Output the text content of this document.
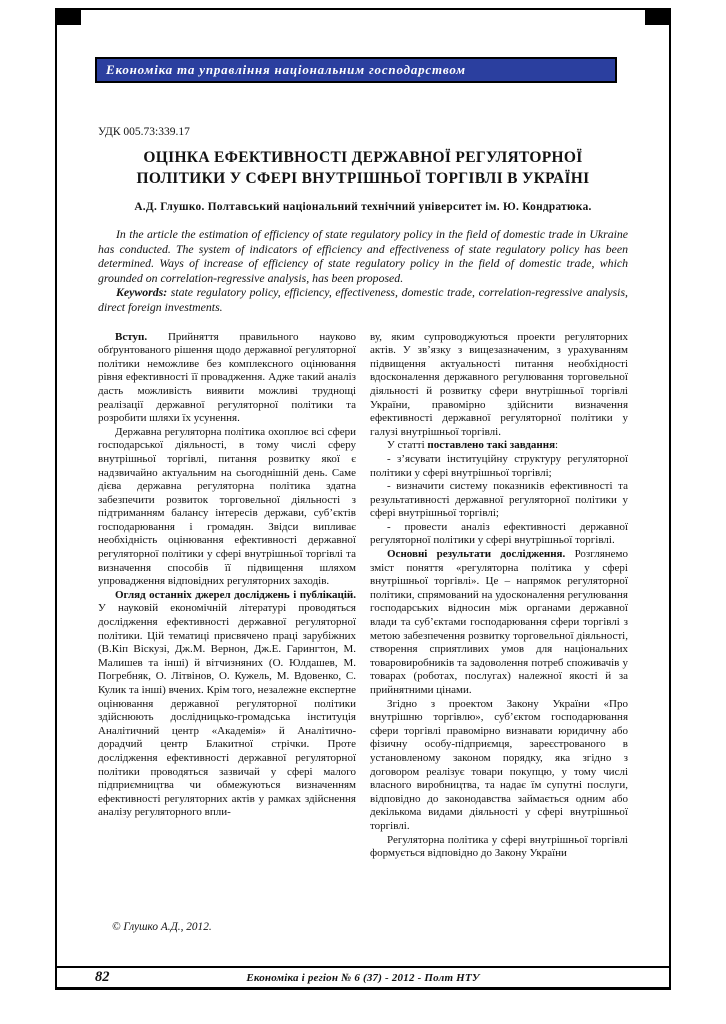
Економіка та управління національним господарством
УДК 005.73:339.17
ОЦІНКА ЕФЕКТИВНОСТІ ДЕРЖАВНОЇ РЕГУЛЯТОРНОЇ
ПОЛІТИКИ У СФЕРІ ВНУТРІШНЬОЇ ТОРГІВЛІ В УКРАЇНІ
А.Д. Глушко. Полтавський національний технічний університет ім. Ю. Кондратюка.

In the article the estimation of efficiency of state regulatory policy in the field of domestic trade in Ukraine has conducted. The system of indicators of efficiency and effectiveness of state regulatory policy has been determined. Ways of increase of efficiency of state regulatory policy in the field of domestic trade, which grounded on correlation-regressive analysis, has been proposed.

Keywords: state regulatory policy, efficiency, effectiveness, domestic trade, correlation-regressive analysis, direct foreign investments.

Вступ. Прийняття правильного науково обґрунтованого рішення щодо державної регуляторної політики неможливе без комплексного оцінювання рівня ефективності її провадження. Адже такий аналіз дасть можливість виявити можливі труднощі реалізації державної регуляторної політики та розробити шляхи їх усунення.

Державна регуляторна політика охоплює всі сфери господарської діяльності, в тому числі сферу внутрішньої торгівлі, питання розвитку якої є надзвичайно актуальним на сьогоднішній день. Саме дієва державна регуляторна політика здатна забезпечити розвиток торговельної діяльності з підтриманням балансу інтересів держави, суб’єктів господарювання і громадян. Звідси випливає необхідність оцінювання ефективності державної регуляторної політики у сфері внутрішньої торгівлі та визначення способів її підвищення шляхом упровадження відповідних регуляторних заходів.

Огляд останніх джерел досліджень і публікацій. У науковій економічній літературі проводяться дослідження ефективності державної регуляторної політики. Цій тематиці присвячено праці зарубіжних (В.Кіп Віскузі, Дж.М. Вернон, Дж.Е. Гарингтон, М. Малишев та інші) й вітчизняних (О. Юлдашев, М. Погребняк, О. Літвінов, О. Кужель, М. Вдовенко, С. Кулик та інші) вчених. Крім того, незалежне експертне оцінювання державної регуляторної політики здійснюють дослідницько-громадська інституція Аналітичний центр «Академія» й Аналітично-дорадчий центр Блакитної стрічки. Проте дослідження ефективності державної регуляторної політики проводяться зазвичай у сфері малого підприємництва чи обмежуються визначенням ефективності регуляторних актів у рамках здійснення аналізу регуляторного впли-

© Глушко А.Д., 2012.

ву, яким супроводжуються проекти регуляторних актів. У зв’язку з вищезазначеним, з урахуванням підвищення актуальності питання необхідності вдосконалення державного регулювання торговельної діяльності й розвитку сфери внутрішньої торгівлі України, правомірно здійснити визначення ефективності державної регуляторної політики у галузі внутрішньої торгівлі.

У статті поставлено такі завдання:

- з’ясувати інституційну структуру регуляторної політики у сфері внутрішньої торгівлі;

- визначити систему показників ефективності та результативності державної регуляторної політики у сфері внутрішньої торгівлі;

- провести аналіз ефективності державної регуляторної політики у сфері внутрішньої торгівлі.

Основні результати дослідження. Розглянемо зміст поняття «регуляторна політика у сфері внутрішньої торгівлі». Це – напрямок регуляторної політики, спрямований на удосконалення регулювання господарських відносин між органами державної влади та суб’єктами господарювання сфери торгівлі з метою забезпечення розвитку торговельної діяльності, створення сприятливих умов для національних товаровиробників та задоволення потреб споживачів у товарах (роботах, послугах) належної якості й за прийнятними цінами.

Згідно з проектом Закону України «Про внутрішню торгівлю», суб’єктом господарювання сфери торгівлі правомірно визнавати юридичну або фізичну особу-підприємця, зареєстрованого в установленому законом порядку, яка згідно з договором реалізує товари покупцю, у тому числі власного виробництва, та надає їм супутні послуги, відповідно до законодавства займається одним або декількома видами діяльності у сфері внутрішньої торгівлі.

Регуляторна політика у сфері внутрішньої торгівлі формується відповідно до Закону України

82	Економіка і регіон № 6 (37) - 2012 - Полт НТУ
